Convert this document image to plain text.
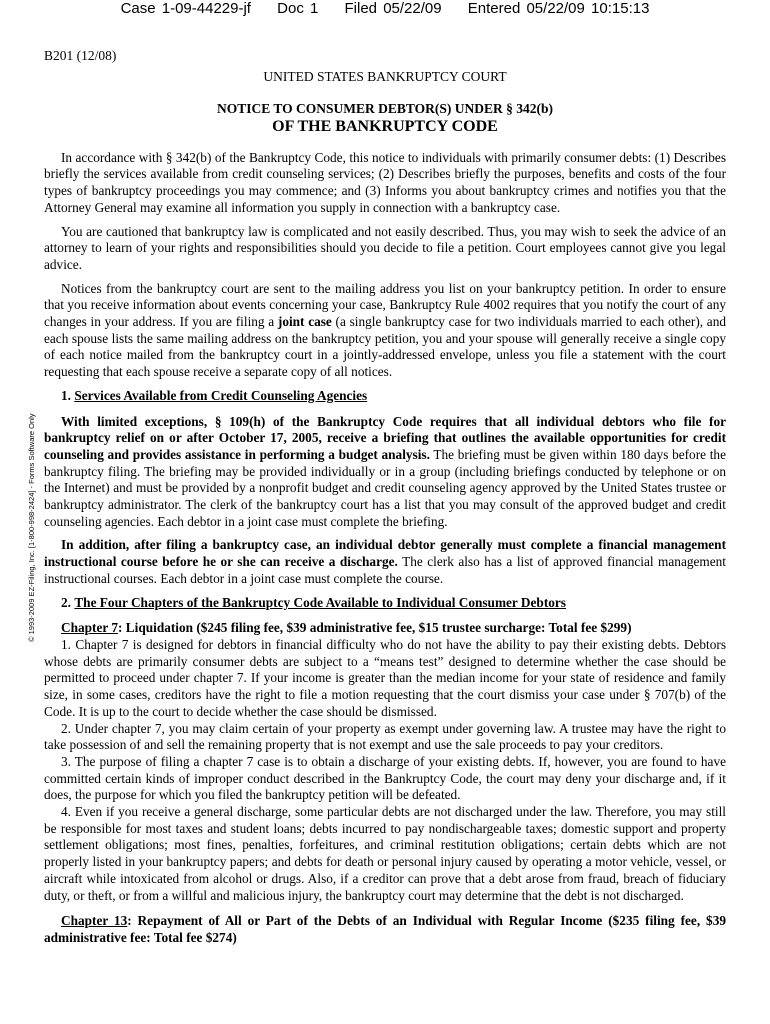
Case 1-09-44229-jf Doc 1 Filed 05/22/09 Entered 05/22/09 10:15:13
B201 (12/08)
© 1993-2009 EZ-Filing, Inc. [1-800-998-2424] - Forms Software Only
UNITED STATES BANKRUPTCY COURT
NOTICE TO CONSUMER DEBTOR(S) UNDER § 342(b)
OF THE BANKRUPTCY CODE

In accordance with § 342(b) of the Bankruptcy Code, this notice to individuals with primarily consumer debts: (1) Describes briefly the services available from credit counseling services; (2) Describes briefly the purposes, benefits and costs of the four types of bankruptcy proceedings you may commence; and (3) Informs you about bankruptcy crimes and notifies you that the Attorney General may examine all information you supply in connection with a bankruptcy case.

You are cautioned that bankruptcy law is complicated and not easily described. Thus, you may wish to seek the advice of an attorney to learn of your rights and responsibilities should you decide to file a petition. Court employees cannot give you legal advice.

Notices from the bankruptcy court are sent to the mailing address you list on your bankruptcy petition. In order to ensure that you receive information about events concerning your case, Bankruptcy Rule 4002 requires that you notify the court of any changes in your address. If you are filing a joint case (a single bankruptcy case for two individuals married to each other), and each spouse lists the same mailing address on the bankruptcy petition, you and your spouse will generally receive a single copy of each notice mailed from the bankruptcy court in a jointly-addressed envelope, unless you file a statement with the court requesting that each spouse receive a separate copy of all notices.

1. Services Available from Credit Counseling Agencies

With limited exceptions, § 109(h) of the Bankruptcy Code requires that all individual debtors who file for bankruptcy relief on or after October 17, 2005, receive a briefing that outlines the available opportunities for credit counseling and provides assistance in performing a budget analysis. The briefing must be given within 180 days before the bankruptcy filing. The briefing may be provided individually or in a group (including briefings conducted by telephone or on the Internet) and must be provided by a nonprofit budget and credit counseling agency approved by the United States trustee or bankruptcy administrator. The clerk of the bankruptcy court has a list that you may consult of the approved budget and credit counseling agencies. Each debtor in a joint case must complete the briefing.

In addition, after filing a bankruptcy case, an individual debtor generally must complete a financial management instructional course before he or she can receive a discharge. The clerk also has a list of approved financial management instructional courses. Each debtor in a joint case must complete the course.

2. The Four Chapters of the Bankruptcy Code Available to Individual Consumer Debtors
Chapter 7: Liquidation ($245 filing fee, $39 administrative fee, $15 trustee surcharge: Total fee $299)

1. Chapter 7 is designed for debtors in financial difficulty who do not have the ability to pay their existing debts. Debtors whose debts are primarily consumer debts are subject to a “means test” designed to determine whether the case should be permitted to proceed under chapter 7. If your income is greater than the median income for your state of residence and family size, in some cases, creditors have the right to file a motion requesting that the court dismiss your case under § 707(b) of the Code. It is up to the court to decide whether the case should be dismissed.

2. Under chapter 7, you may claim certain of your property as exempt under governing law. A trustee may have the right to take possession of and sell the remaining property that is not exempt and use the sale proceeds to pay your creditors.

3. The purpose of filing a chapter 7 case is to obtain a discharge of your existing debts. If, however, you are found to have committed certain kinds of improper conduct described in the Bankruptcy Code, the court may deny your discharge and, if it does, the purpose for which you filed the bankruptcy petition will be defeated.

4. Even if you receive a general discharge, some particular debts are not discharged under the law. Therefore, you may still be responsible for most taxes and student loans; debts incurred to pay nondischargeable taxes; domestic support and property settlement obligations; most fines, penalties, forfeitures, and criminal restitution obligations; certain debts which are not properly listed in your bankruptcy papers; and debts for death or personal injury caused by operating a motor vehicle, vessel, or aircraft while intoxicated from alcohol or drugs. Also, if a creditor can prove that a debt arose from fraud, breach of fiduciary duty, or theft, or from a willful and malicious injury, the bankruptcy court may determine that the debt is not discharged.

Chapter 13: Repayment of All or Part of the Debts of an Individual with Regular Income ($235 filing fee, $39 administrative fee: Total fee $274)
